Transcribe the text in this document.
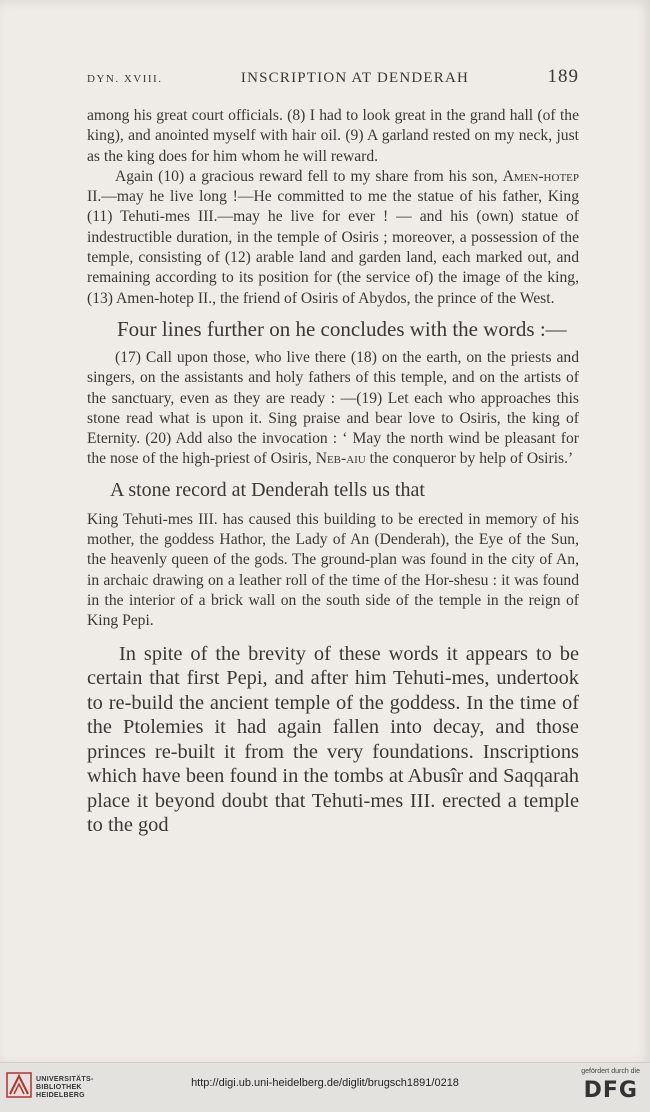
DYN. XVIII.	INSCRIPTION AT DENDERAH	189

among his great court officials. (8) I had to look great in the grand hall (of the king), and anointed myself with hair oil. (9) A garland rested on my neck, just as the king does for him whom he will reward.

Again (10) a gracious reward fell to my share from his son, Amen-hotep II.—may he live long !—He committed to me the statue of his father, King (11) Tehuti-mes III.—may he live for ever ! — and his (own) statue of indestructible duration, in the temple of Osiris ; moreover, a possession of the temple, consisting of (12) arable land and garden land, each marked out, and remaining according to its position for (the service of) the image of the king, (13) Amen-hotep II., the friend of Osiris of Abydos, the prince of the West.

Four lines further on he concludes with the words :—

(17) Call upon those, who live there (18) on the earth, on the priests and singers, on the assistants and holy fathers of this temple, and on the artists of the sanctuary, even as they are ready : —(19) Let each who approaches this stone read what is upon it. Sing praise and bear love to Osiris, the king of Eternity. (20) Add also the invocation : ‘ May the north wind be pleasant for the nose of the high-priest of Osiris, Neb-aiu the conqueror by help of Osiris.’

A stone record at Denderah tells us that

King Tehuti-mes III. has caused this building to be erected in memory of his mother, the goddess Hathor, the Lady of An (Denderah), the Eye of the Sun, the heavenly queen of the gods. The ground-plan was found in the city of An, in archaic drawing on a leather roll of the time of the Hor-shesu : it was found in the interior of a brick wall on the south side of the temple in the reign of King Pepi.

In spite of the brevity of these words it appears to be certain that first Pepi, and after him Tehuti-mes, undertook to re-build the ancient temple of the goddess. In the time of the Ptolemies it had again fallen into decay, and those princes re-built it from the very foundations. Inscriptions which have been found in the tombs at Abusîr and Saqqarah place it beyond doubt that Tehuti-mes III. erected a temple to the god

UNIVERSITÄTS-
BIBLIOTHEK
HEIDELBERG
http://digi.ub.uni-heidelberg.de/diglit/brugsch1891/0218
gefördert durch die
DFG
